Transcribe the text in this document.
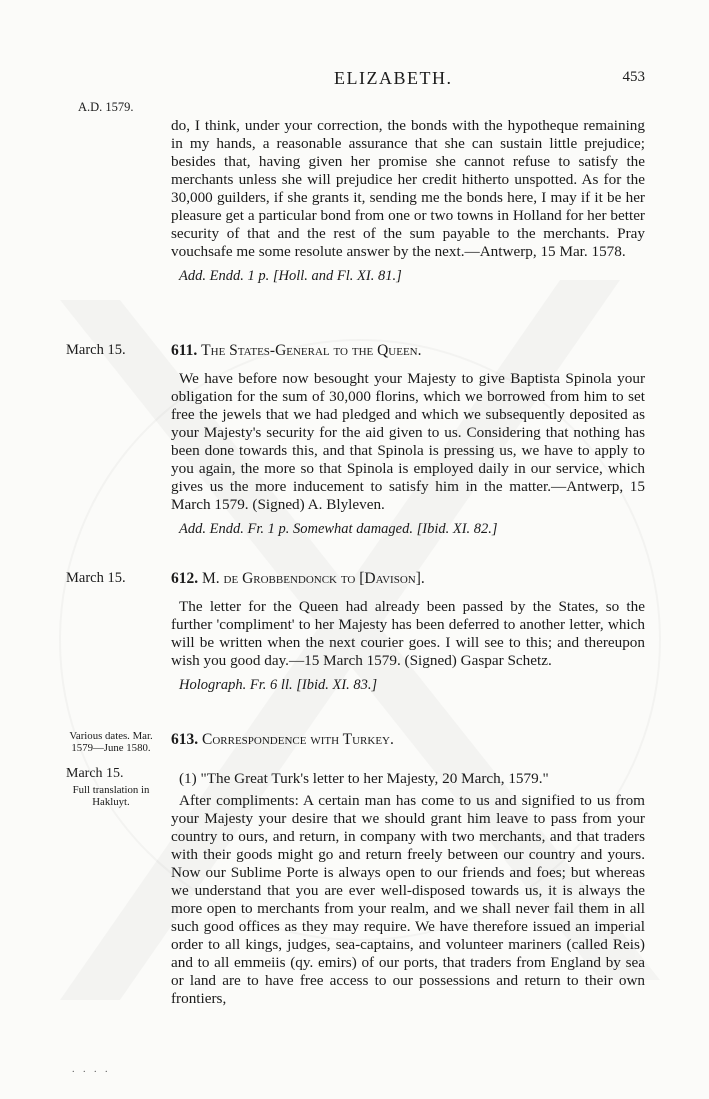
ELIZABETH.	453
A.D. 1579.

do, I think, under your correction, the bonds with the hypotheque remaining in my hands, a reasonable assurance that she can sustain little prejudice; besides that, having given her promise she cannot refuse to satisfy the merchants unless she will prejudice her credit hitherto unspotted. As for the 30,000 guilders, if she grants it, sending me the bonds here, I may if it be her pleasure get a particular bond from one or two towns in Holland for her better security of that and the rest of the sum payable to the merchants. Pray vouchsafe me some resolute answer by the next.—Antwerp, 15 Mar. 1578.

Add. Endd. 1 p. [Holl. and Fl. XI. 81.]

March 15.	611. The States-General to the Queen.

We have before now besought your Majesty to give Baptista Spinola your obligation for the sum of 30,000 florins, which we borrowed from him to set free the jewels that we had pledged and which we subsequently deposited as your Majesty's security for the aid given to us. Considering that nothing has been done towards this, and that Spinola is pressing us, we have to apply to you again, the more so that Spinola is employed daily in our service, which gives us the more inducement to satisfy him in the matter.—Antwerp, 15 March 1579. (Signed) A. Blyleven.

Add. Endd. Fr. 1 p. Somewhat damaged. [Ibid. XI. 82.]

March 15.	612. M. de Grobbendonck to [Davison].

The letter for the Queen had already been passed by the States, so the further 'compliment' to her Majesty has been deferred to another letter, which will be written when the next courier goes. I will see to this; and thereupon wish you good day.—15 March 1579. (Signed) Gaspar Schetz.

Holograph. Fr. 6 ll. [Ibid. XI. 83.]

Various dates. Mar. 1579—June 1580.	613. Correspondence with Turkey.
March 15.
Full translation in Hakluyt.

(1) "The Great Turk's letter to her Majesty, 20 March, 1579."

After compliments: A certain man has come to us and signified to us from your Majesty your desire that we should grant him leave to pass from your country to ours, and return, in company with two merchants, and that traders with their goods might go and return freely between our country and yours. Now our Sublime Porte is always open to our friends and foes; but whereas we understand that you are ever well-disposed towards us, it is always the more open to merchants from your realm, and we shall never fail them in all such good offices as they may require. We have therefore issued an imperial order to all kings, judges, sea-captains, and volunteer mariners (called Reis) and to all emmeiis (qy. emirs) of our ports, that traders from England by sea or land are to have free access to our possessions and return to their own frontiers,

. . . .
